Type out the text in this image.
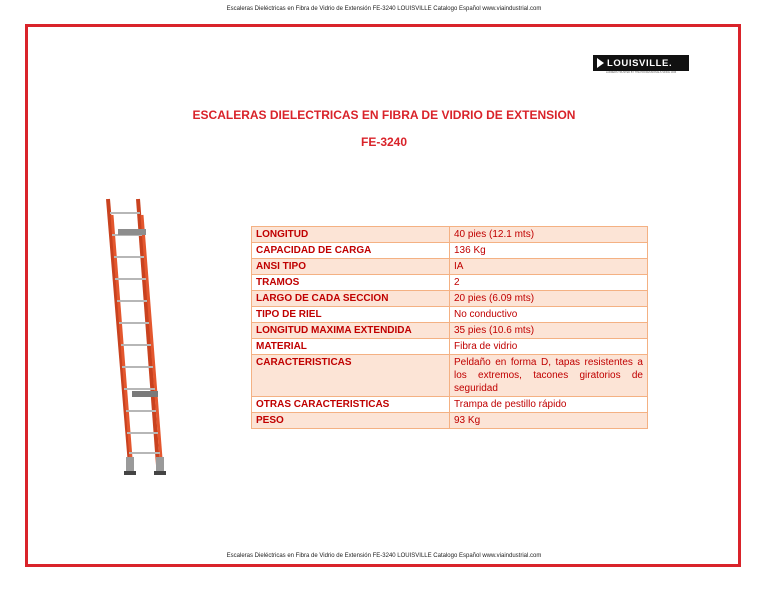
Escaleras Dieléctricas en Fibra de Vidrio de Extensión FE-3240 LOUISVILLE Catalogo Español www.viaindustrial.com
LOUISVILLE.
LADDERS TRUSTED BY THE PROFESSIONALS SINCE 1946
ESCALERAS DIELECTRICAS EN FIBRA DE VIDRIO DE EXTENSION
FE-3240
LONGITUD	40 pies (12.1 mts)
CAPACIDAD DE CARGA	136 Kg
ANSI TIPO	IA
TRAMOS	2
LARGO DE CADA SECCION	20 pies (6.09 mts)
TIPO DE RIEL	No conductivo
LONGITUD MAXIMA EXTENDIDA	35 pies (10.6 mts)
MATERIAL	Fibra de vidrio
CARACTERISTICAS	Peldaño en forma D, tapas resistentes a los extremos, tacones giratorios de seguridad
OTRAS CARACTERISTICAS	Trampa de pestillo rápido
PESO	93 Kg
Escaleras Dieléctricas en Fibra de Vidrio de Extensión FE-3240 LOUISVILLE Catalogo Español www.viaindustrial.com
